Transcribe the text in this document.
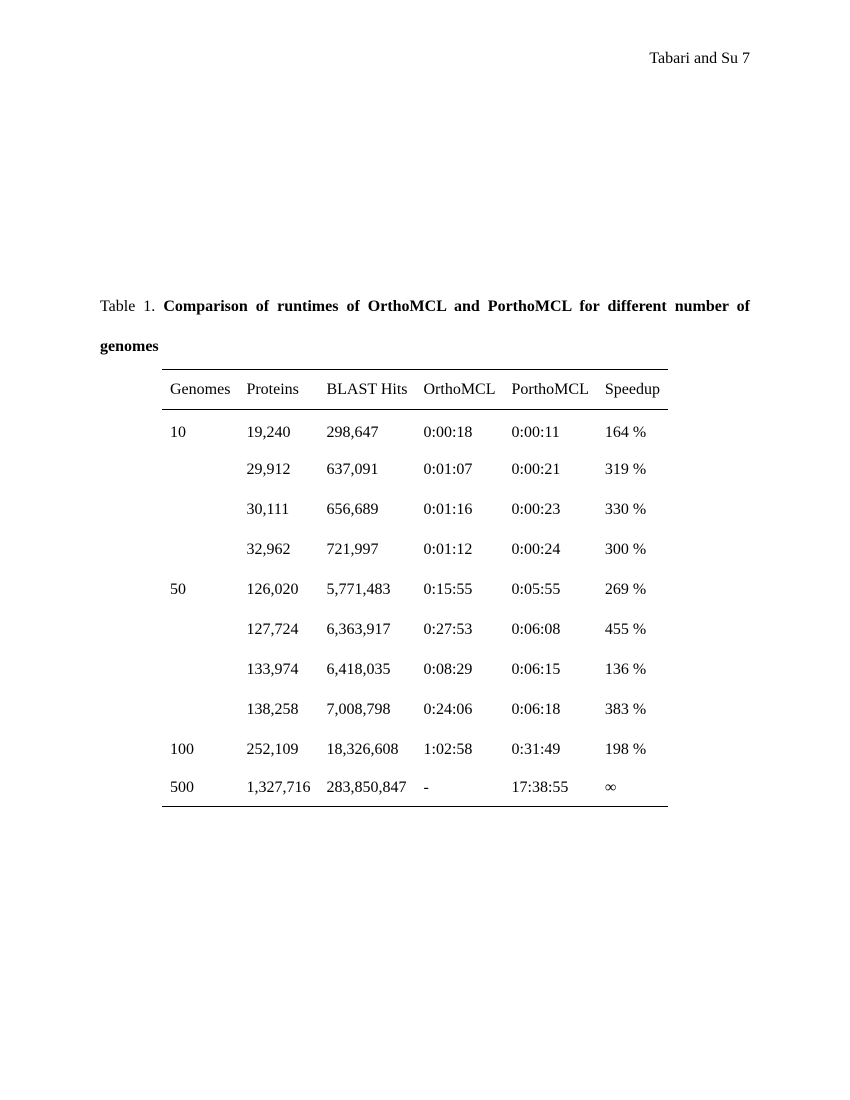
Tabari and Su 7
Table 1. Comparison of runtimes of OrthoMCL and PorthoMCL for different number of genomes
Genomes	Proteins	BLAST Hits	OrthoMCL	PorthoMCL	Speedup
10	19,240	298,647	0:00:18	0:00:11	164 %
	29,912	637,091	0:01:07	0:00:21	319 %
	30,111	656,689	0:01:16	0:00:23	330 %
	32,962	721,997	0:01:12	0:00:24	300 %
50	126,020	5,771,483	0:15:55	0:05:55	269 %
	127,724	6,363,917	0:27:53	0:06:08	455 %
	133,974	6,418,035	0:08:29	0:06:15	136 %
	138,258	7,008,798	0:24:06	0:06:18	383 %
100	252,109	18,326,608	1:02:58	0:31:49	198 %
500	1,327,716	283,850,847	-	17:38:55	∞
